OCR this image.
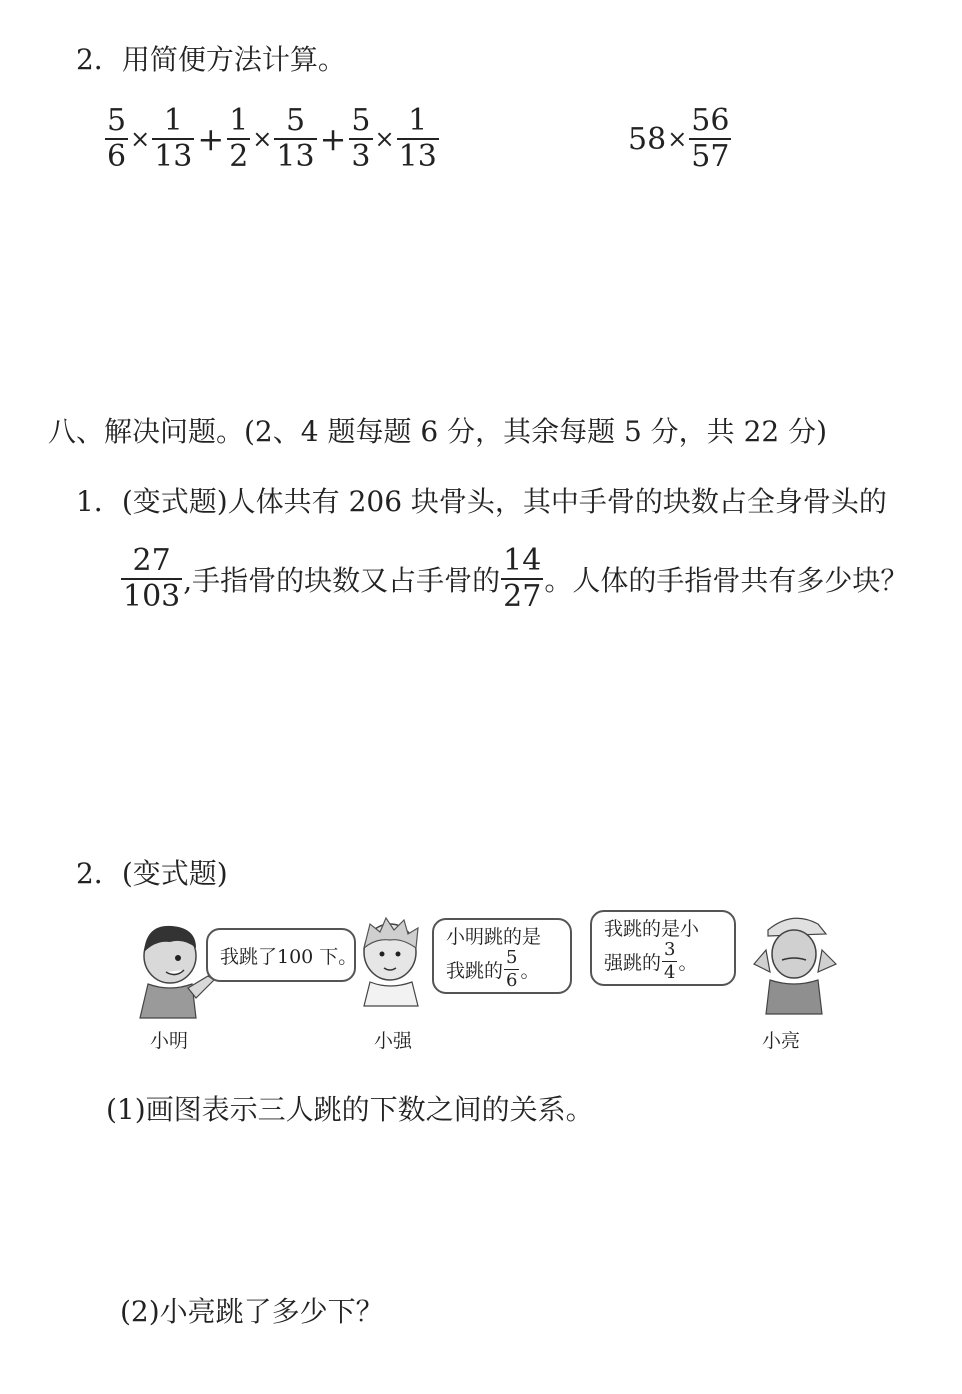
2．用简便方法计算。
$\frac{5}{6} \times \frac{1}{13} + \frac{1}{2} \times \frac{5}{13} + \frac{5}{3} \times \frac{1}{13}$	$58 \times \frac{56}{57}$
八、解决问题。(2、4 题每题 6 分，其余每题 5 分，共 22 分)
1．(变式题)人体共有 206 块骨头，其中手骨的块数占全身骨头的
$\frac{27}{103}$ ,手指骨的块数又占手骨的 $\frac{14}{27}$ 。人体的手指骨共有多少块？
2．(变式题)
我跳了100 下。
小明跳的是
我跳的 $\frac{5}{6}$ 。
我跳的是小
强跳的 $\frac{3}{4}$ 。
小明	小强	小亮
(1)画图表示三人跳的下数之间的关系。
(2)小亮跳了多少下？
